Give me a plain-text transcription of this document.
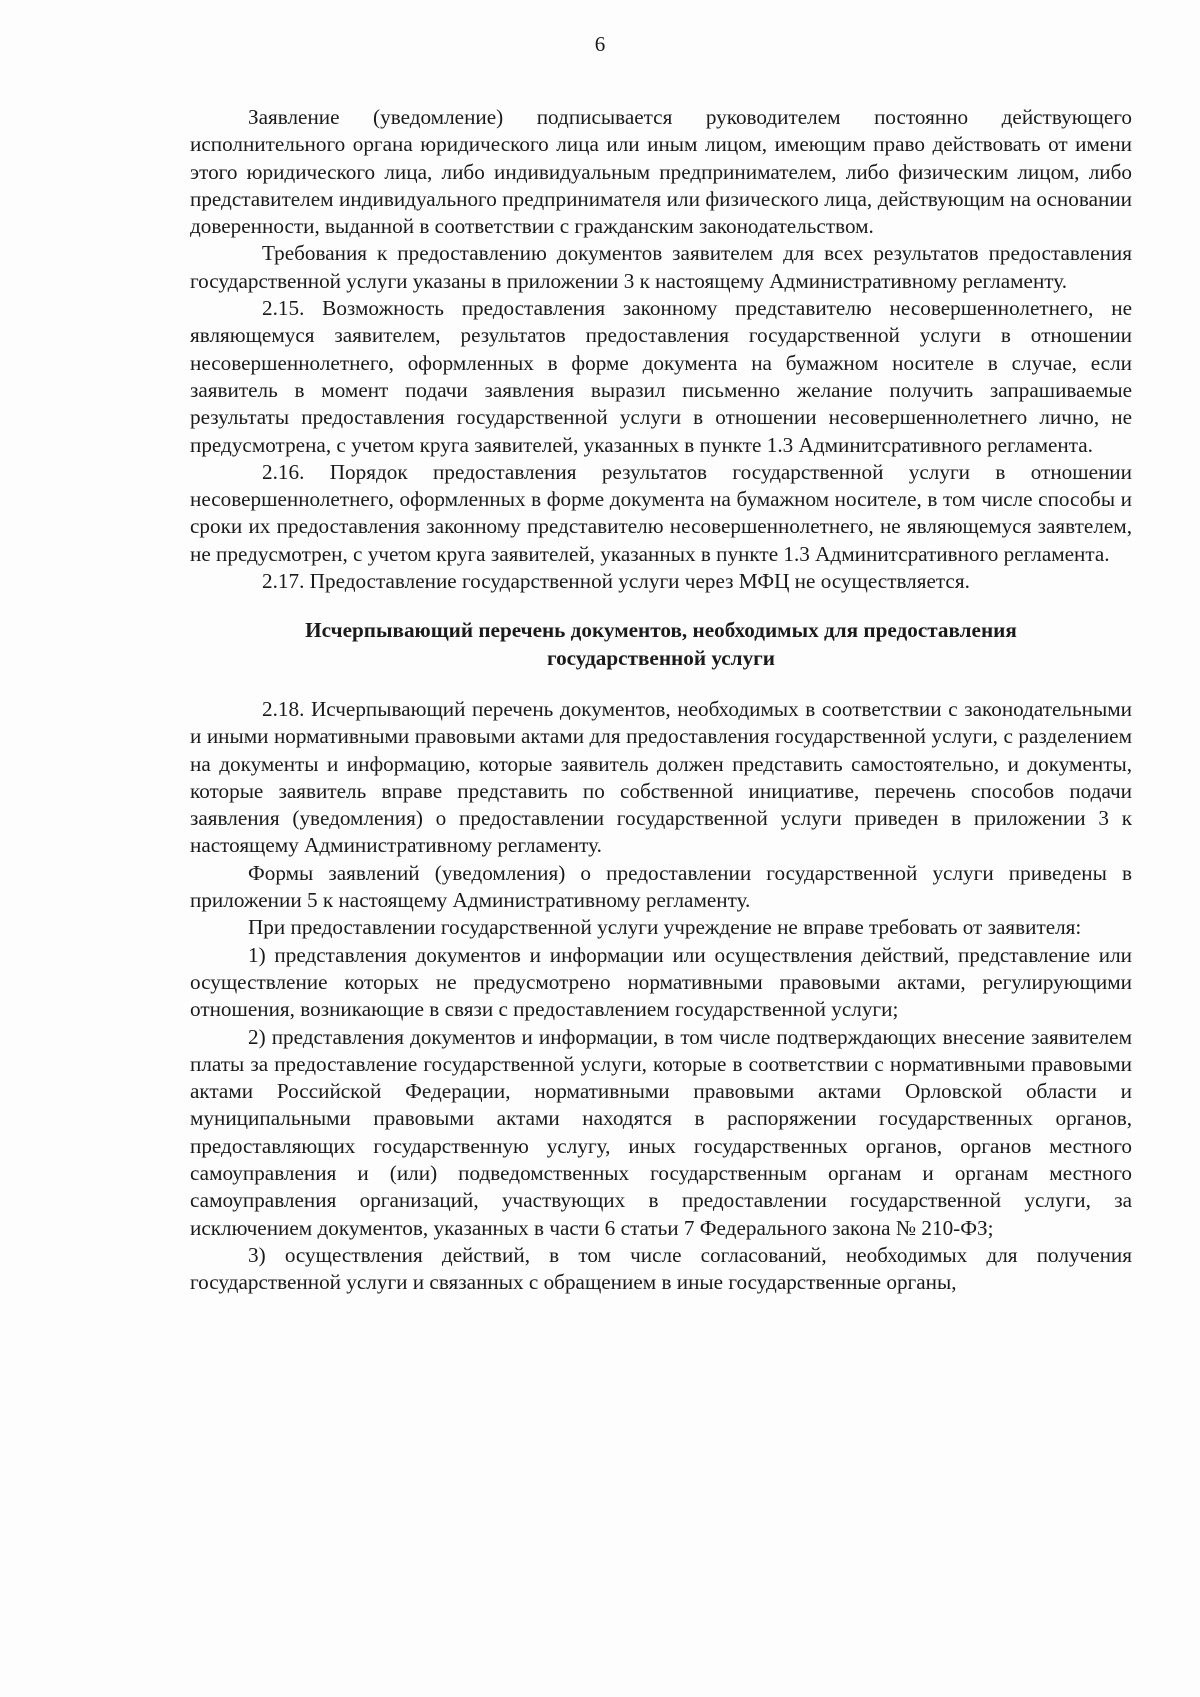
6

Заявление (уведомление) подписывается руководителем постоянно действующего исполнительного органа юридического лица или иным лицом, имеющим право действовать от имени этого юридического лица, либо индивидуальным предпринимателем, либо физическим лицом, либо представителем индивидуального предпринимателя или физического лица, действующим на основании доверенности, выданной в соответствии с гражданским законодательством.

Требования к предоставлению документов заявителем для всех результатов предоставления государственной услуги указаны в приложении 3 к настоящему Административному регламенту.

2.15. Возможность предоставления законному представителю несовершеннолетнего, не являющемуся заявителем, результатов предоставления государственной услуги в отношении несовершеннолетнего, оформленных в форме документа на бумажном носителе в случае, если заявитель в момент подачи заявления выразил письменно желание получить запрашиваемые результаты предоставления государственной услуги в отношении несовершеннолетнего лично, не предусмотрена, с учетом круга заявителей, указанных в пункте 1.3 Админитсративного регламента.

2.16. Порядок предоставления результатов государственной услуги в отношении несовершеннолетнего, оформленных в форме документа на бумажном носителе, в том числе способы и сроки их предоставления законному представителю несовершеннолетнего, не являющемуся заявтелем, не предусмотрен, с учетом круга заявителей, указанных в пункте 1.3 Админитсративного регламента.

2.17. Предоставление государственной услуги через МФЦ не осуществляется.

Исчерпывающий перечень документов, необходимых для предоставления государственной услуги

2.18. Исчерпывающий перечень документов, необходимых в соответствии с законодательными и иными нормативными правовыми актами для предоставления государственной услуги, с разделением на документы и информацию, которые заявитель должен представить самостоятельно, и документы, которые заявитель вправе представить по собственной инициативе, перечень способов подачи заявления (уведомления) о предоставлении государственной услуги приведен в приложении 3 к настоящему Административному регламенту.

Формы заявлений (уведомления) о предоставлении государственной услуги приведены в приложении 5 к настоящему Административному регламенту.

При предоставлении государственной услуги учреждение не вправе требовать от заявителя:

1) представления документов и информации или осуществления действий, представление или осуществление которых не предусмотрено нормативными правовыми актами, регулирующими отношения, возникающие в связи с предоставлением государственной услуги;

2) представления документов и информации, в том числе подтверждающих внесение заявителем платы за предоставление государственной услуги, которые в соответствии с нормативными правовыми актами Российской Федерации, нормативными правовыми актами Орловской области и муниципальными правовыми актами находятся в распоряжении государственных органов, предоставляющих государственную услугу, иных государственных органов, органов местного самоуправления и (или) подведомственных государственным органам и органам местного самоуправления организаций, участвующих в предоставлении государственной услуги, за исключением документов, указанных в части 6 статьи 7 Федерального закона № 210-ФЗ;

3) осуществления действий, в том числе согласований, необходимых для получения государственной услуги и связанных с обращением в иные государственные органы,
